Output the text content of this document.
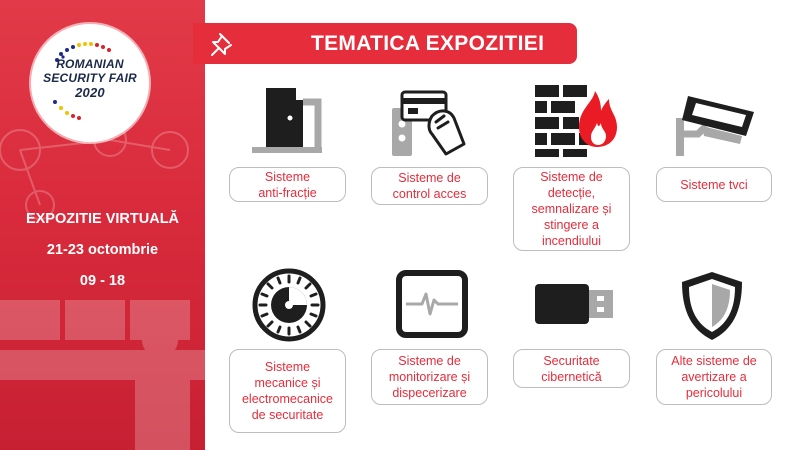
ROMANIAN
SECURITY FAIR
2020
EXPOZITIE VIRTUALĂ
21-23 octombrie
09 - 18
TEMATICA EXPOZITIEI
Sisteme
anti-fracție
Sisteme de
control acces
Sisteme de
detecție,
semnalizare și
stingere a
incendiului
Sisteme tvci
Sisteme
mecanice și
electromecanice
de securitate
Sisteme de
monitorizare și
dispecerizare
Securitate
cibernetică
Alte sisteme de
avertizare a
pericolului
